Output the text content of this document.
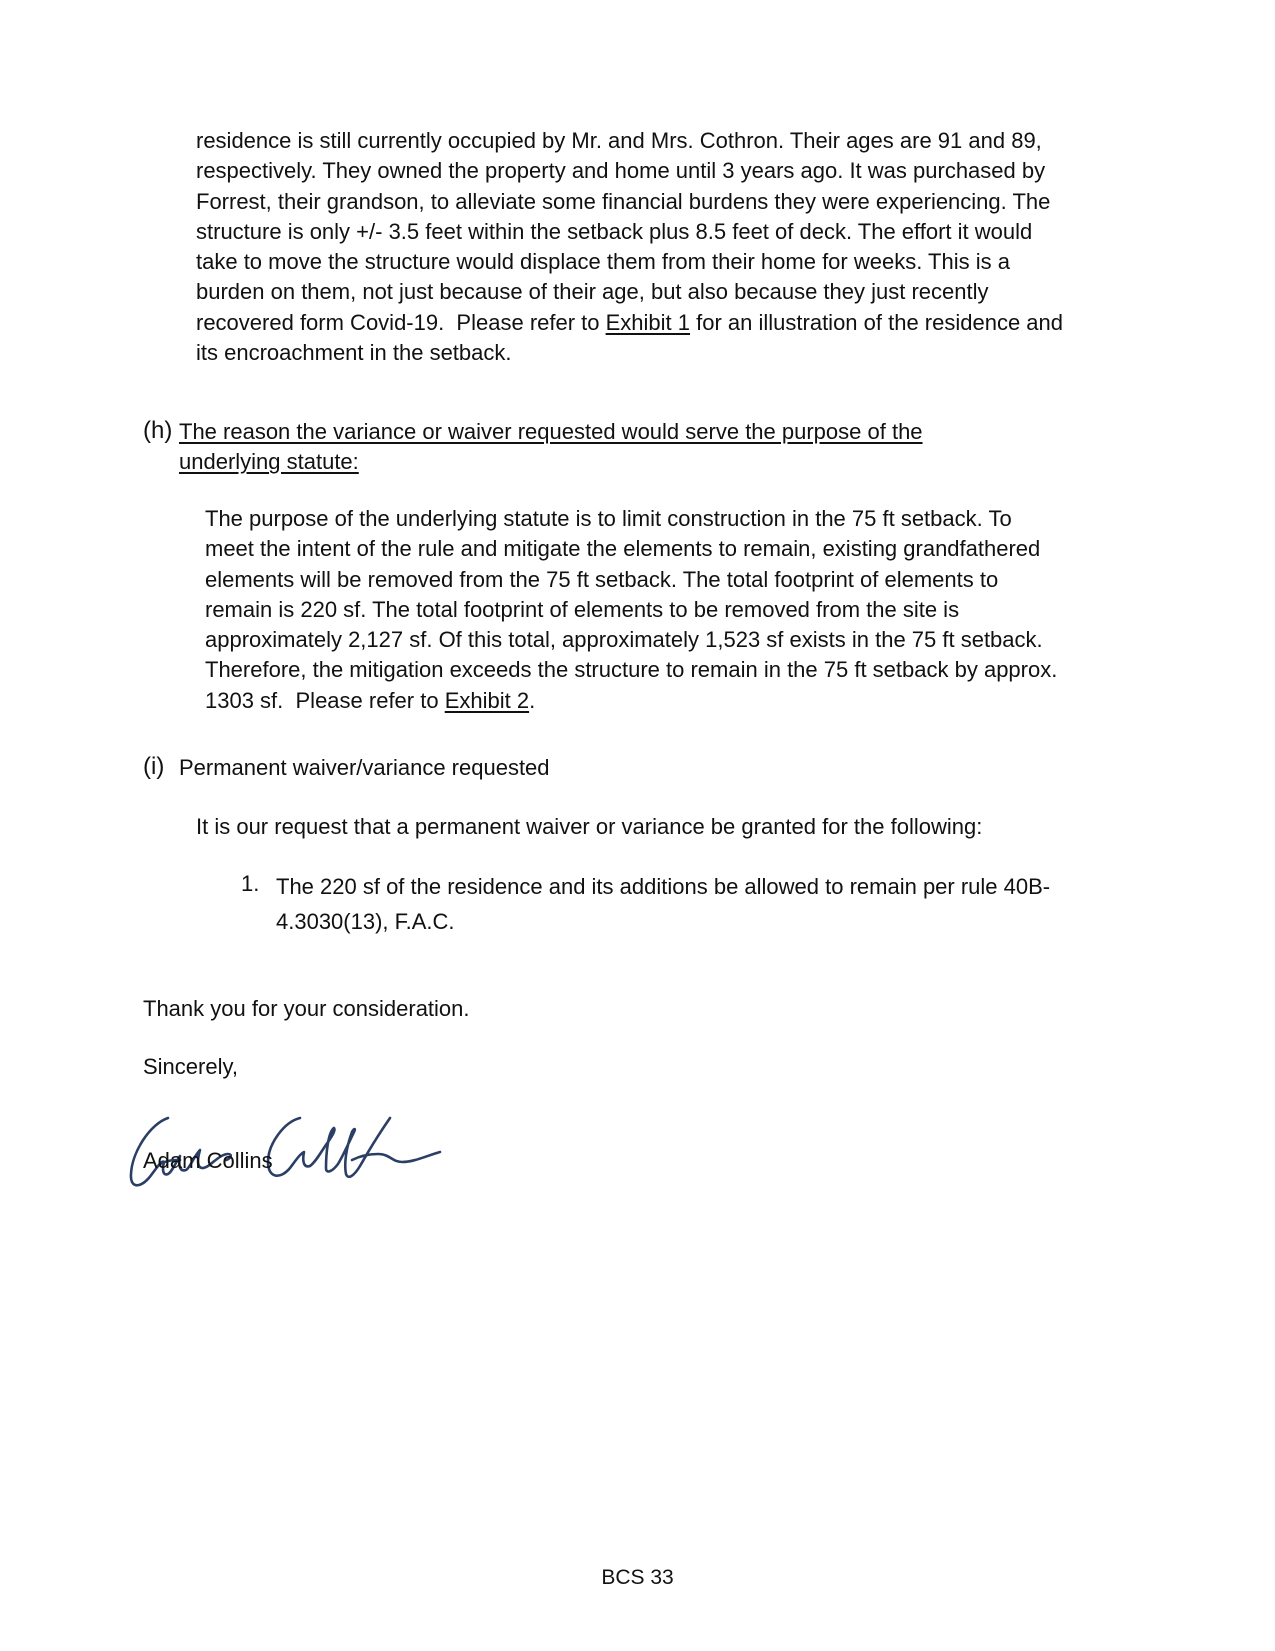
residence is still currently occupied by Mr. and Mrs. Cothron. Their ages are 91 and 89,
respectively. They owned the property and home until 3 years ago. It was purchased by
Forrest, their grandson, to alleviate some financial burdens they were experiencing. The
structure is only +/- 3.5 feet within the setback plus 8.5 feet of deck. The effort it would
take to move the structure would displace them from their home for weeks. This is a
burden on them, not just because of their age, but also because they just recently
recovered form Covid-19.  Please refer to Exhibit 1 for an illustration of the residence and
its encroachment in the setback.
(h) The reason the variance or waiver requested would serve the purpose of the
underlying statute:
The purpose of the underlying statute is to limit construction in the 75 ft setback. To
meet the intent of the rule and mitigate the elements to remain, existing grandfathered
elements will be removed from the 75 ft setback. The total footprint of elements to
remain is 220 sf. The total footprint of elements to be removed from the site is
approximately 2,127 sf. Of this total, approximately 1,523 sf exists in the 75 ft setback.
Therefore, the mitigation exceeds the structure to remain in the 75 ft setback by approx.
1303 sf.  Please refer to Exhibit 2.
(i) Permanent waiver/variance requested
It is our request that a permanent waiver or variance be granted for the following:
1. The 220 sf of the residence and its additions be allowed to remain per rule 40B-
4.3030(13), F.A.C.
Thank you for your consideration.
Sincerely,
Adam Collins
BCS 33
